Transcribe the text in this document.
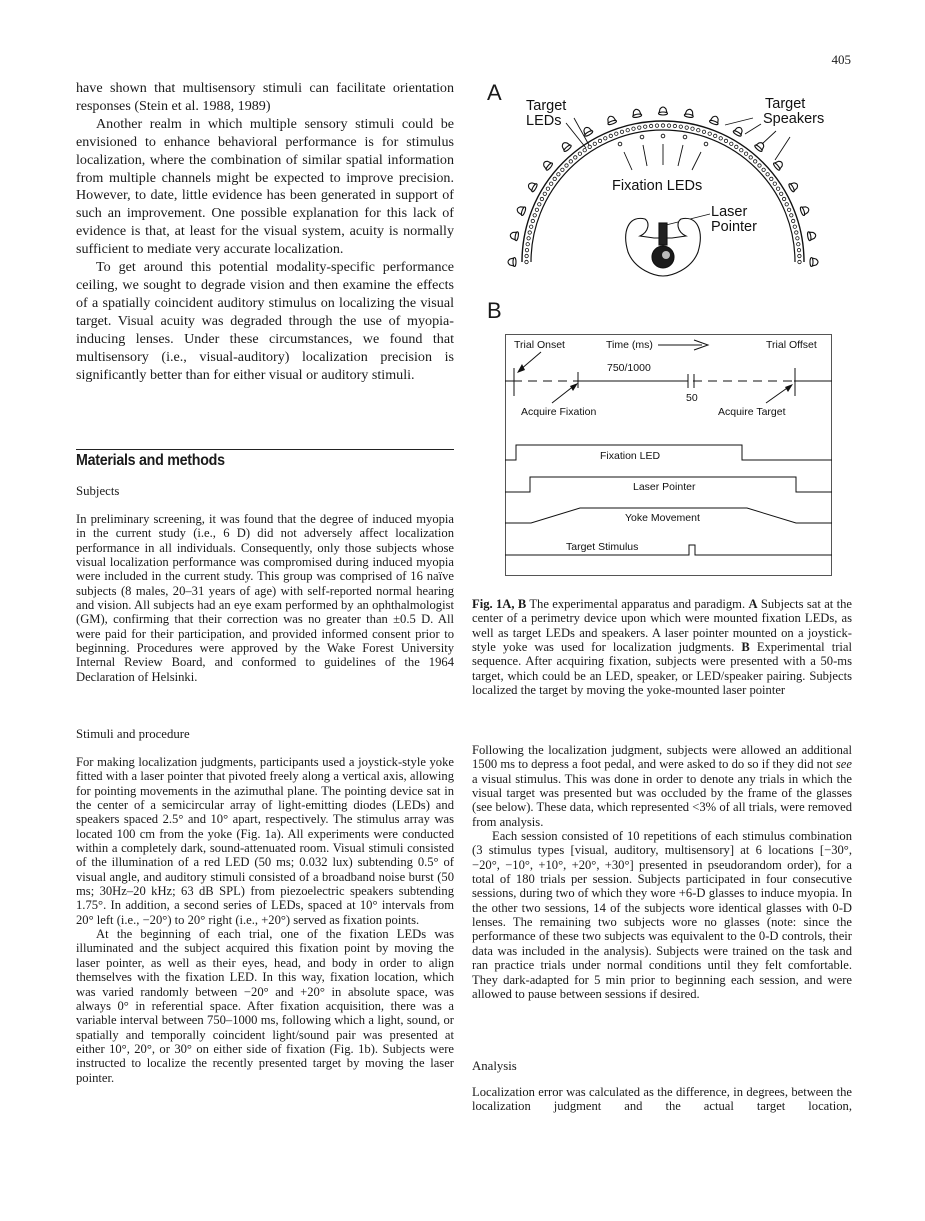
405

have shown that multisensory stimuli can facilitate orientation responses (Stein et al. 1988, 1989)

Another realm in which multiple sensory stimuli could be envisioned to enhance behavioral performance is for stimulus localization, where the combination of similar spatial information from multiple channels might be expected to improve precision. However, to date, little evidence has been generated in support of such an improvement. One possible explanation for this lack of evidence is that, at least for the visual system, acuity is normally sufficient to mediate very accurate localization.

To get around this potential modality-specific performance ceiling, we sought to degrade vision and then examine the effects of a spatially coincident auditory stimulus on localizing the visual target. Visual acuity was degraded through the use of myopia-inducing lenses. Under these circumstances, we found that multisensory (i.e., visual-auditory) localization precision is significantly better than for either visual or auditory stimuli.

Materials and methods
Subjects

In preliminary screening, it was found that the degree of induced myopia in the current study (i.e., 6 D) did not adversely affect localization performance in all individuals. Consequently, only those subjects whose visual localization performance was compromised during induced myopia were included in the current study. This group was comprised of 16 naïve subjects (8 males, 20–31 years of age) with self-reported normal hearing and vision. All subjects had an eye exam performed by an ophthalmologist (GM), confirming that their correction was no greater than ±0.5 D. All were paid for their participation, and provided informed consent prior to beginning. Procedures were approved by the Wake Forest University Internal Review Board, and conformed to guidelines of the 1964 Declaration of Helsinki.

Stimuli and procedure

For making localization judgments, participants used a joystick-style yoke fitted with a laser pointer that pivoted freely along a vertical axis, allowing for pointing movements in the azimuthal plane. The pointing device sat in the center of a semicircular array of light-emitting diodes (LEDs) and speakers spaced 2.5° and 10° apart, respectively. The stimulus array was located 100 cm from the yoke (Fig. 1a). All experiments were conducted within a completely dark, sound-attenuated room. Visual stimuli consisted of the illumination of a red LED (50 ms; 0.032 lux) subtending 0.5° of visual angle, and auditory stimuli consisted of a broadband noise burst (50 ms; 30Hz–20 kHz; 63 dB SPL) from piezoelectric speakers subtending 1.75°. In addition, a second series of LEDs, spaced at 10° intervals from 20° left (i.e., −20°) to 20° right (i.e., +20°) served as fixation points.

At the beginning of each trial, one of the fixation LEDs was illuminated and the subject acquired this fixation point by moving the laser pointer, as well as their eyes, head, and body in order to align themselves with the fixation LED. In this way, fixation location, which was varied randomly between −20° and +20° in absolute space, was always 0° in referential space. After fixation acquisition, there was a variable interval between 750–1000 ms, following which a light, sound, or spatially and temporally coincident light/sound pair was presented at either 10°, 20°, or 30° on either side of fixation (Fig. 1b). Subjects were instructed to localize the recently presented target by moving the laser pointer.

A
Target
LEDs
Target
Speakers
Fixation LEDs
Laser
Pointer
B
Trial Onset	Time (ms)	Trial Offset
750/1000
50
Acquire Fixation	Acquire Target
Fixation LED
Laser Pointer
Yoke Movement
Target Stimulus

Fig. 1A, B The experimental apparatus and paradigm. A Subjects sat at the center of a perimetry device upon which were mounted fixation LEDs, as well as target LEDs and speakers. A laser pointer mounted on a joystick-style yoke was used for localization judgments. B Experimental trial sequence. After acquiring fixation, subjects were presented with a 50-ms target, which could be an LED, speaker, or LED/speaker pairing. Subjects localized the target by moving the yoke-mounted laser pointer

Following the localization judgment, subjects were allowed an additional 1500 ms to depress a foot pedal, and were asked to do so if they did not see a visual stimulus. This was done in order to denote any trials in which the visual target was presented but was occluded by the frame of the glasses (see below). These data, which represented <3% of all trials, were removed from analysis.

Each session consisted of 10 repetitions of each stimulus combination (3 stimulus types [visual, auditory, multisensory] at 6 locations [−30°, −20°, −10°, +10°, +20°, +30°] presented in pseudorandom order), for a total of 180 trials per session. Subjects participated in four consecutive sessions, during two of which they wore +6-D glasses to induce myopia. In the other two sessions, 14 of the subjects wore identical glasses with 0-D lenses. The remaining two subjects wore no glasses (note: since the performance of these two subjects was equivalent to the 0-D controls, their data was included in the analysis). Subjects were trained on the task and ran practice trials under normal conditions until they felt comfortable. They dark-adapted for 5 min prior to beginning each session, and were allowed to pause between sessions if desired.

Analysis

Localization error was calculated as the difference, in degrees, between the localization judgment and the actual target location,
